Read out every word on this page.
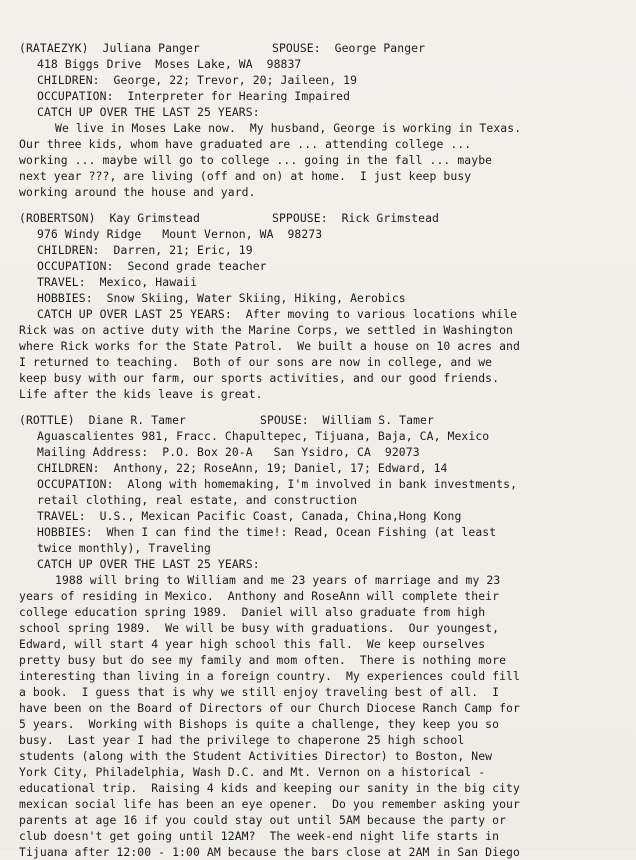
(RATAEZYK)  Juliana Panger	SPOUSE:  George Panger
418 Biggs Drive  Moses Lake, WA  98837
CHILDREN:  George, 22; Trevor, 20; Jaileen, 19
OCCUPATION:  Interpreter for Hearing Impaired
CATCH UP OVER THE LAST 25 YEARS:
We live in Moses Lake now.  My husband, George is working in Texas.
Our three kids, whom have graduated are ... attending college ...
working ... maybe will go to college ... going in the fall ... maybe
next year ???, are living (off and on) at home.  I just keep busy
working around the house and yard.
(ROBERTSON)  Kay Grimstead	SPPOUSE:  Rick Grimstead
976 Windy Ridge   Mount Vernon, WA  98273
CHILDREN:  Darren, 21; Eric, 19
OCCUPATION:  Second grade teacher
TRAVEL:  Mexico, Hawaii
HOBBIES:  Snow Skiing, Water Skiing, Hiking, Aerobics
CATCH UP OVER LAST 25 YEARS:  After moving to various locations while
Rick was on active duty with the Marine Corps, we settled in Washington
where Rick works for the State Patrol.  We built a house on 10 acres and
I returned to teaching.  Both of our sons are now in college, and we
keep busy with our farm, our sports activities, and our good friends.
Life after the kids leave is great.
(ROTTLE)  Diane R. Tamer	SPOUSE:  William S. Tamer
Aguascalientes 981, Fracc. Chapultepec, Tijuana, Baja, CA, Mexico
Mailing Address:  P.O. Box 20-A   San Ysidro, CA  92073
CHILDREN:  Anthony, 22; RoseAnn, 19; Daniel, 17; Edward, 14
OCCUPATION:  Along with homemaking, I'm involved in bank investments,
retail clothing, real estate, and construction
TRAVEL:  U.S., Mexican Pacific Coast, Canada, China,Hong Kong
HOBBIES:  When I can find the time!: Read, Ocean Fishing (at least
twice monthly), Traveling
CATCH UP OVER THE LAST 25 YEARS:
1988 will bring to William and me 23 years of marriage and my 23
years of residing in Mexico.  Anthony and RoseAnn will complete their
college education spring 1989.  Daniel will also graduate from high
school spring 1989.  We will be busy with graduations.  Our youngest,
Edward, will start 4 year high school this fall.  We keep ourselves
pretty busy but do see my family and mom often.  There is nothing more
interesting than living in a foreign country.  My experiences could fill
a book.  I guess that is why we still enjoy traveling best of all.  I
have been on the Board of Directors of our Church Diocese Ranch Camp for
5 years.  Working with Bishops is quite a challenge, they keep you so
busy.  Last year I had the privilege to chaperone 25 high school
students (along with the Student Activities Director) to Boston, New
York City, Philadelphia, Wash D.C. and Mt. Vernon on a historical -
educational trip.  Raising 4 kids and keeping our sanity in the big city
mexican social life has been an eye opener.  Do you remember asking your
parents at age 16 if you could stay out until 5AM because the party or
club doesn't get going until 12AM?  The week-end night life starts in
Tijuana after 12:00 - 1:00 AM because the bars close at 2AM in San Diego
